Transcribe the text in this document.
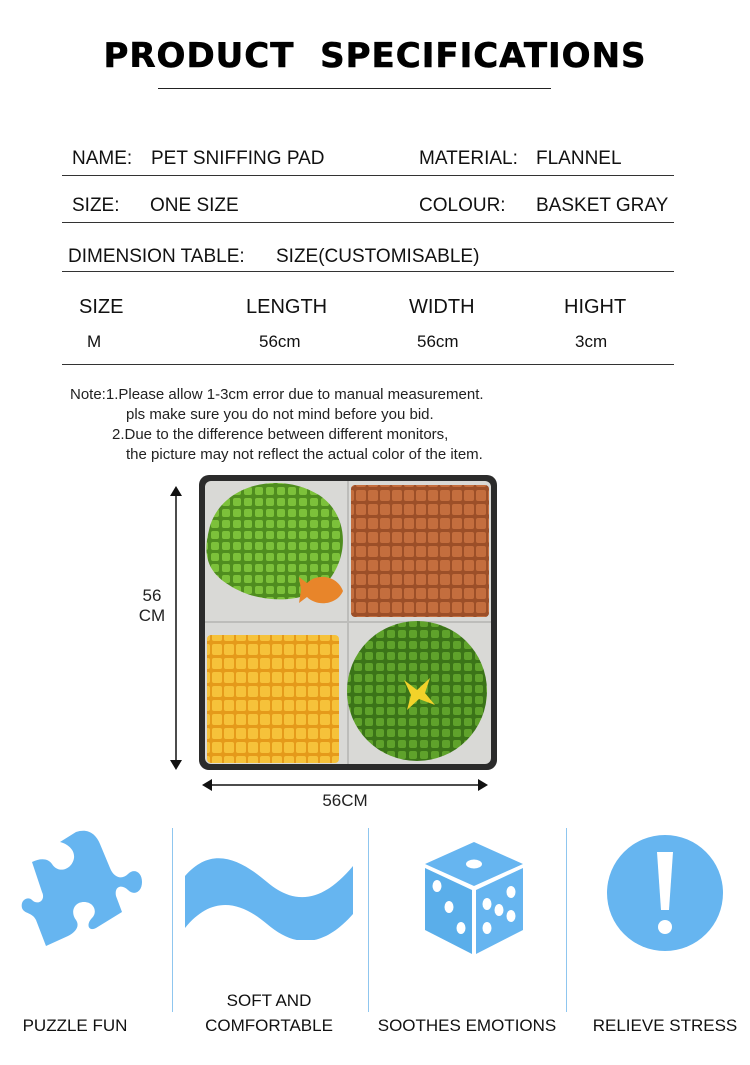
PRODUCT  SPECIFICATIONS
NAME: PET SNIFFING PAD	MATERIAL: FLANNEL
SIZE: ONE SIZE	COLOUR: BASKET GRAY
DIMENSION TABLE: SIZE(CUSTOMISABLE)
SIZE	LENGTH	WIDTH	HIGHT
M	56cm	56cm	3cm
Note:1.Please allow 1-3cm error due to manual measurement.
pls make sure you do not mind before you bid.
2.Due to the difference between different monitors,
the picture may not reflect the actual color of the item.
56
CM
56CM
PUZZLE FUN
SOFT AND
COMFORTABLE	SOOTHES EMOTIONS	RELIEVE STRESS
